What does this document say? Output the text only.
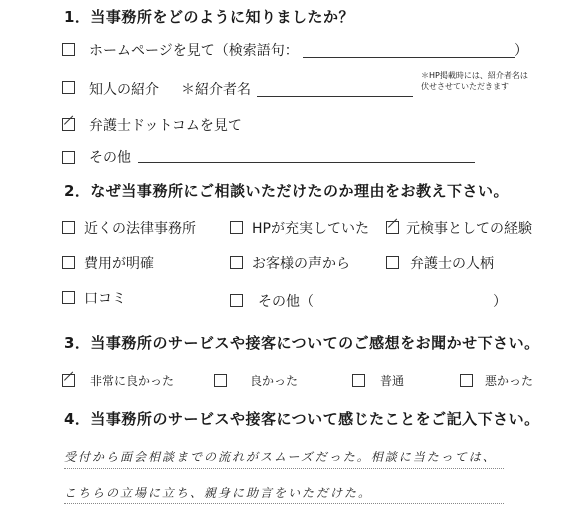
1．当事務所をどのように知りましたか？
ホームページを見て（検索語句：	）
知人の紹介 ＊紹介者名
＊HP掲載時には、紹介者名は
伏せさせていただきます
弁護士ドットコムを見て
その他
2．なぜ当事務所にご相談いただけたのか理由をお教え下さい。
近くの法律事務所	HPが充実していた	元検事としての経験
費用が明確	お客様の声から	弁護士の人柄
口コミ	その他（	）
3．当事務所のサービスや接客についてのご感想をお聞かせ下さい。
非常に良かった	良かった	普通	悪かった
4．当事務所のサービスや接客について感じたことをご記入下さい。
受付から面会相談までの流れがスムーズだった。相談に当たっては、
こちらの立場に立ち、親身に助言をいただけた。
